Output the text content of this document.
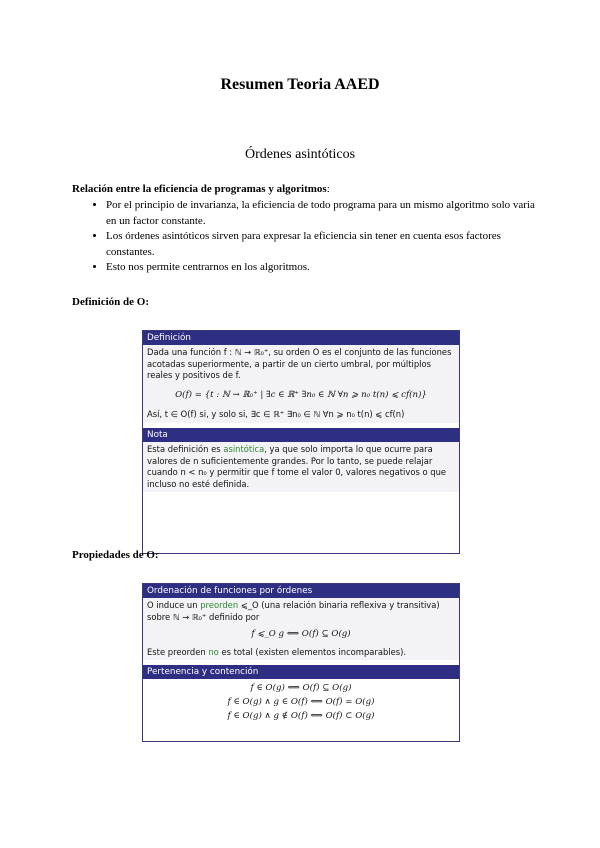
Resumen Teoria AAED
Órdenes asintóticos
Relación entre la eficiencia de programas y algoritmos:
• Por el principio de invarianza, la eficiencia de todo programa para un mismo algoritmo solo varia en un factor constante.
• Los órdenes asintóticos sirven para expresar la eficiencia sin tener en cuenta esos factores constantes.
• Esto nos permite centrarnos en los algoritmos.
Definición de O:
Definición
Dada una función f : ℕ → ℝ₀⁺, su orden O es el conjunto de las funciones acotadas superiormente, a partir de un cierto umbral, por múltiplos reales y positivos de f.
O(f) = {t : ℕ → ℝ₀⁺ | ∃c ∈ ℝ⁺ ∃n₀ ∈ ℕ ∀n ⩾ n₀ t(n) ⩽ cf(n)}
Así, t ∈ O(f) si, y solo si, ∃c ∈ ℝ⁺ ∃n₀ ∈ ℕ ∀n ⩾ n₀ t(n) ⩽ cf(n)
Nota
Esta definición es asintótica, ya que solo importa lo que ocurre para valores de n suficientemente grandes. Por lo tanto, se puede relajar cuando n < n₀ y permitir que f tome el valor 0, valores negativos o que incluso no esté definida.
Propiedades de O:
Ordenación de funciones por órdenes
O induce un preorden ⩽_O (una relación binaria reflexiva y transitiva) sobre ℕ → ℝ₀⁺ definido por
f ⩽_O g ⟺ O(f) ⊆ O(g)
Este preorden no es total (existen elementos incomparables).
Pertenencia y contención
f ∈ O(g) ⟺ O(f) ⊆ O(g)
f ∈ O(g) ∧ g ∈ O(f) ⟺ O(f) = O(g)
f ∈ O(g) ∧ g ∉ O(f) ⟺ O(f) ⊂ O(g)
